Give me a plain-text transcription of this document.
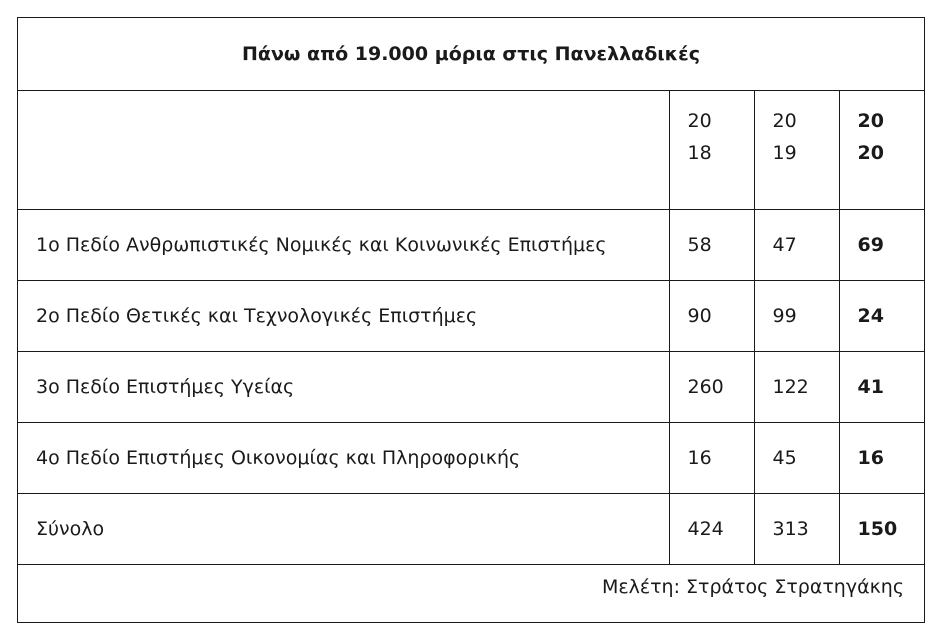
Πάνω από 19.000 μόρια στις Πανελλαδικές

	2018	2019	2020

1ο Πεδίο Ανθρωπιστικές Νομικές και Κοινωνικές Επιστήμες	58	47	69
2ο Πεδίο Θετικές και Τεχνολογικές Επιστήμες	90	99	24
3ο Πεδίο Επιστήμες Υγείας	260	122	41
4ο Πεδίο Επιστήμες Οικονομίας και Πληροφορικής	16	45	16
Σύνολο	424	313	150
Μελέτη: Στράτος Στρατηγάκης
